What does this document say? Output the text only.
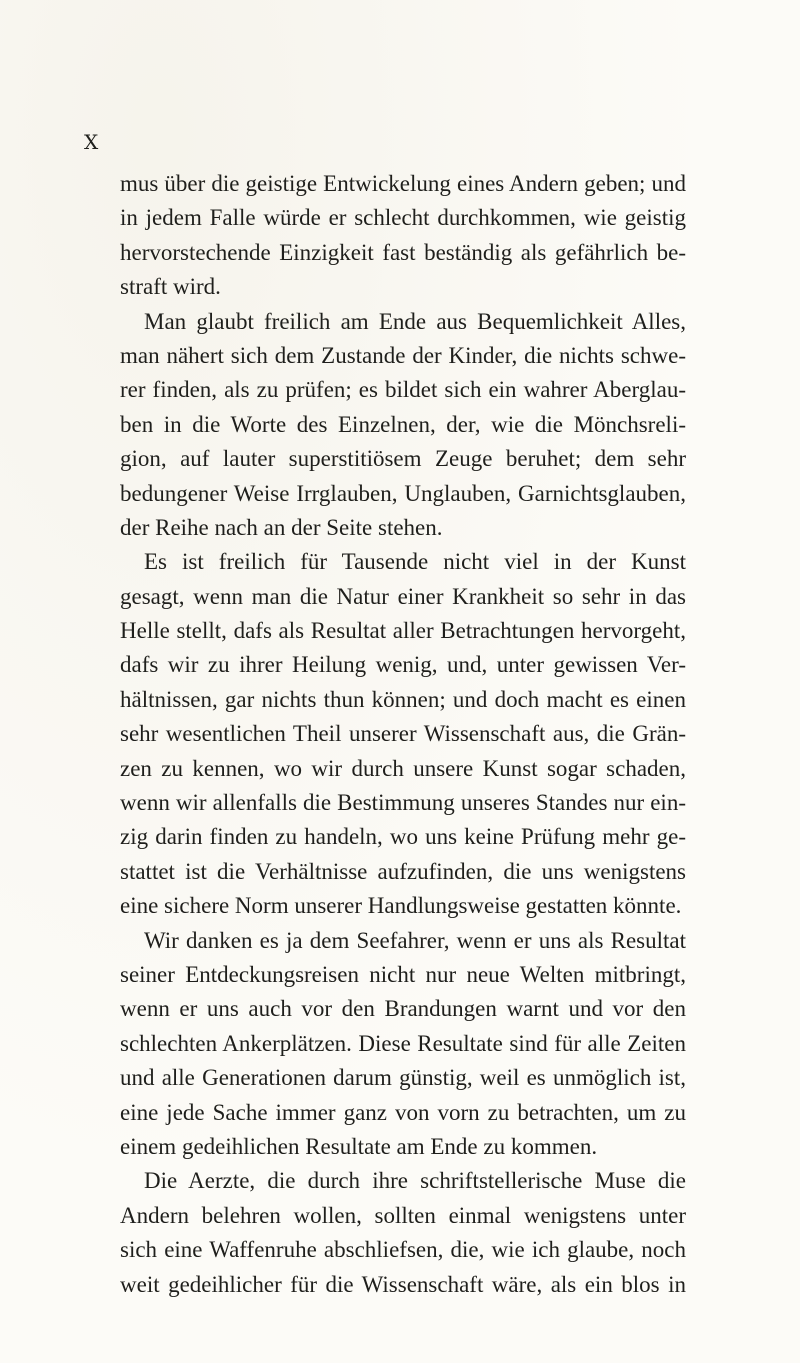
X
mus über die geistige Entwickelung eines Andern geben; und
in jedem Falle würde er schlecht durchkommen, wie geistig
hervorstechende Einzigkeit fast beständig als gefährlich be-
straft wird.
Man glaubt freilich am Ende aus Bequemlichkeit Alles,
man nähert sich dem Zustande der Kinder, die nichts schwe-
rer finden, als zu prüfen; es bildet sich ein wahrer Aberglau-
ben in die Worte des Einzelnen, der, wie die Mönchsreli-
gion, auf lauter superstitiösem Zeuge beruhet; dem sehr
bedungener Weise Irrglauben, Unglauben, Garnichtsglauben,
der Reihe nach an der Seite stehen.
Es ist freilich für Tausende nicht viel in der Kunst
gesagt, wenn man die Natur einer Krankheit so sehr in das
Helle stellt, dafs als Resultat aller Betrachtungen hervorgeht,
dafs wir zu ihrer Heilung wenig, und, unter gewissen Ver-
hältnissen, gar nichts thun können; und doch macht es einen
sehr wesentlichen Theil unserer Wissenschaft aus, die Grän-
zen zu kennen, wo wir durch unsere Kunst sogar schaden,
wenn wir allenfalls die Bestimmung unseres Standes nur ein-
zig darin finden zu handeln, wo uns keine Prüfung mehr ge-
stattet ist die Verhältnisse aufzufinden, die uns wenigstens
eine sichere Norm unserer Handlungsweise gestatten könnte.
Wir danken es ja dem Seefahrer, wenn er uns als Resultat
seiner Entdeckungsreisen nicht nur neue Welten mitbringt,
wenn er uns auch vor den Brandungen warnt und vor den
schlechten Ankerplätzen. Diese Resultate sind für alle Zeiten
und alle Generationen darum günstig, weil es unmöglich ist,
eine jede Sache immer ganz von vorn zu betrachten, um zu
einem gedeihlichen Resultate am Ende zu kommen.
Die Aerzte, die durch ihre schriftstellerische Muse die
Andern belehren wollen, sollten einmal wenigstens unter
sich eine Waffenruhe abschliefsen, die, wie ich glaube, noch
weit gedeihlicher für die Wissenschaft wäre, als ein blos in
